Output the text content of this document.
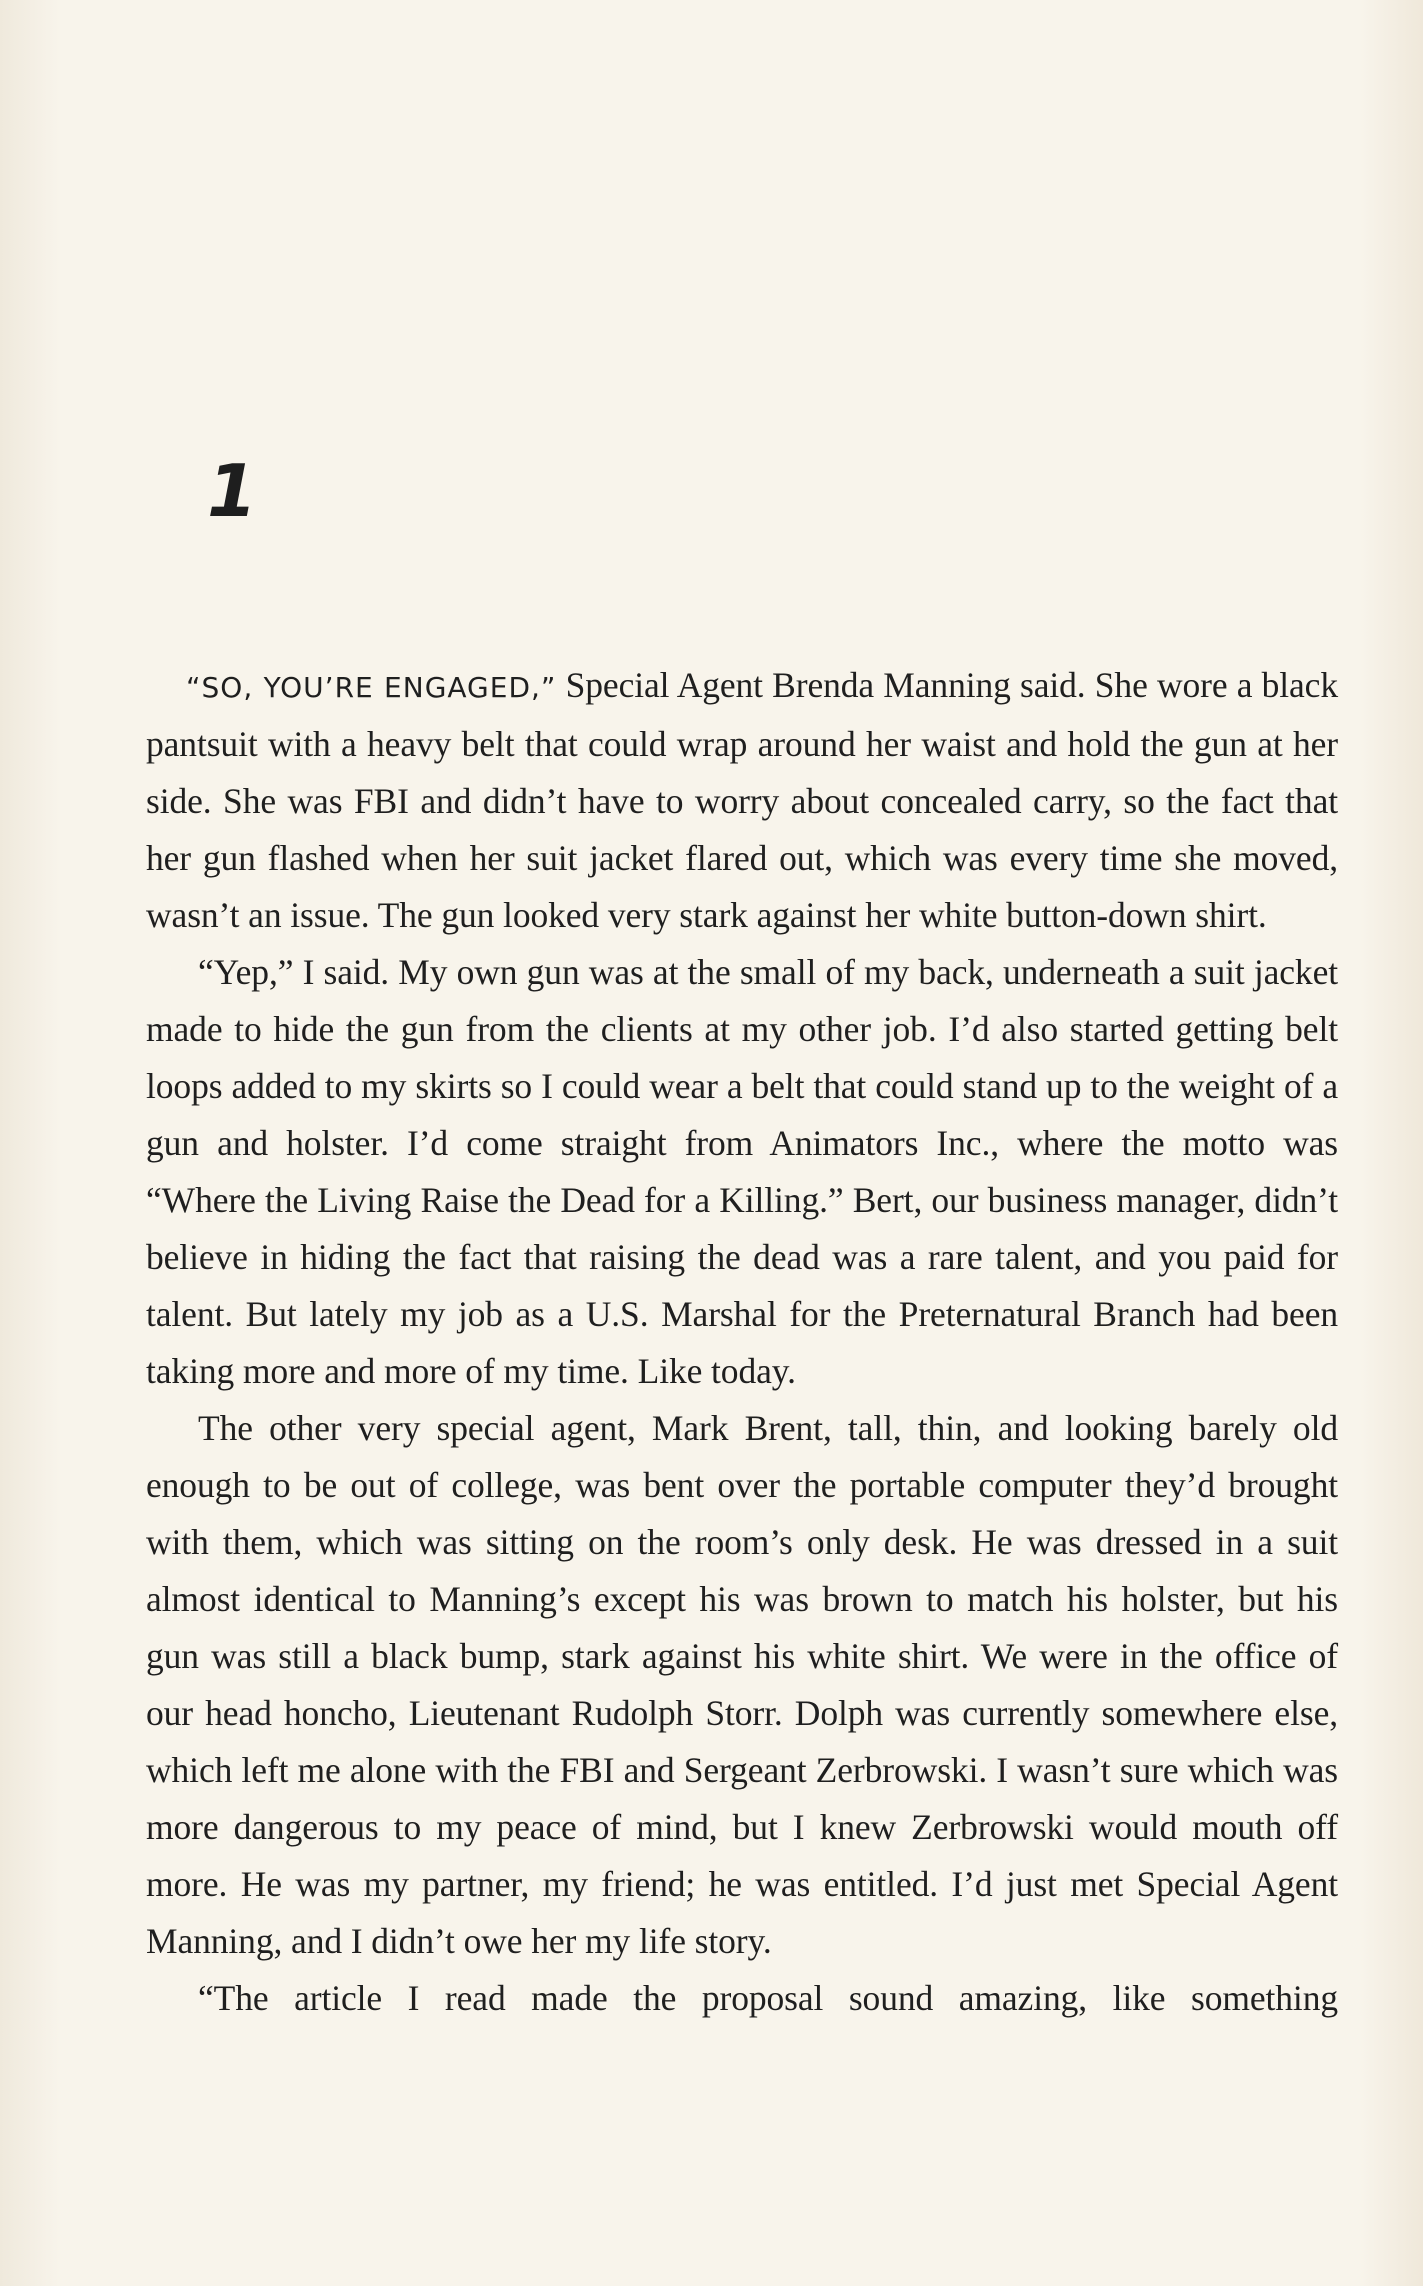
1

“SO, YOU’RE ENGAGED,” Special Agent Brenda Manning said. She wore a black pantsuit with a heavy belt that could wrap around her waist and hold the gun at her side. She was FBI and didn’t have to worry about concealed carry, so the fact that her gun flashed when her suit jacket flared out, which was every time she moved, wasn’t an issue. The gun looked very stark against her white button-down shirt.

“Yep,” I said. My own gun was at the small of my back, underneath a suit jacket made to hide the gun from the clients at my other job. I’d also started getting belt loops added to my skirts so I could wear a belt that could stand up to the weight of a gun and holster. I’d come straight from Animators Inc., where the motto was “Where the Living Raise the Dead for a Killing.” Bert, our business manager, didn’t believe in hiding the fact that raising the dead was a rare talent, and you paid for talent. But lately my job as a U.S. Marshal for the Preternatural Branch had been taking more and more of my time. Like today.

The other very special agent, Mark Brent, tall, thin, and looking barely old enough to be out of college, was bent over the portable computer they’d brought with them, which was sitting on the room’s only desk. He was dressed in a suit almost identical to Manning’s except his was brown to match his holster, but his gun was still a black bump, stark against his white shirt. We were in the office of our head honcho, Lieutenant Rudolph Storr. Dolph was currently somewhere else, which left me alone with the FBI and Sergeant Zerbrowski. I wasn’t sure which was more dangerous to my peace of mind, but I knew Zerbrowski would mouth off more. He was my partner, my friend; he was entitled. I’d just met Special Agent Manning, and I didn’t owe her my life story.

“The article I read made the proposal sound amazing, like something
